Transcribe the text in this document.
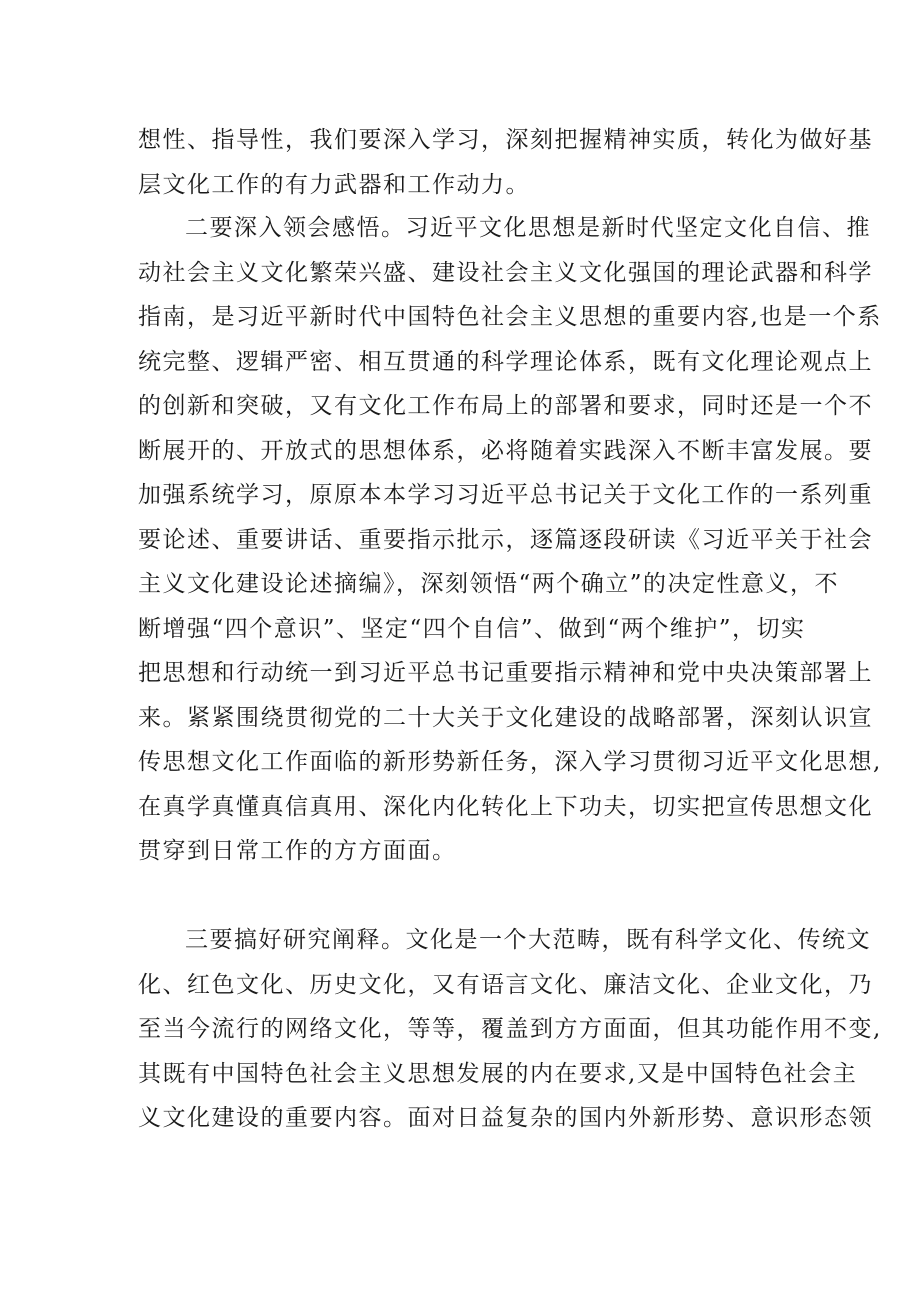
想性、指导性，我们要深入学习，深刻把握精神实质，转化为做好基
层文化工作的有力武器和工作动力。
二要深入领会感悟。习近平文化思想是新时代坚定文化自信、推
动社会主义文化繁荣兴盛、建设社会主义文化强国的理论武器和科学
指南，是习近平新时代中国特色社会主义思想的重要内容,也是一个系
统完整、逻辑严密、相互贯通的科学理论体系，既有文化理论观点上
的创新和突破，又有文化工作布局上的部署和要求，同时还是一个不
断展开的、开放式的思想体系，必将随着实践深入不断丰富发展。要
加强系统学习，原原本本学习习近平总书记关于文化工作的一系列重
要论述、重要讲话、重要指示批示，逐篇逐段研读《习近平关于社会
主义文化建设论述摘编》，深刻领悟“两个确立”的决定性意义，不
断增强“四个意识”、坚定“四个自信”、做到“两个维护”，切实
把思想和行动统一到习近平总书记重要指示精神和党中央决策部署上
来。紧紧围绕贯彻党的二十大关于文化建设的战略部署，深刻认识宣
传思想文化工作面临的新形势新任务，深入学习贯彻习近平文化思想,
在真学真懂真信真用、深化内化转化上下功夫，切实把宣传思想文化
贯穿到日常工作的方方面面。
三要搞好研究阐释。文化是一个大范畴，既有科学文化、传统文
化、红色文化、历史文化，又有语言文化、廉洁文化、企业文化，乃
至当今流行的网络文化，等等，覆盖到方方面面，但其功能作用不变,
其既有中国特色社会主义思想发展的内在要求,又是中国特色社会主
义文化建设的重要内容。面对日益复杂的国内外新形势、意识形态领
